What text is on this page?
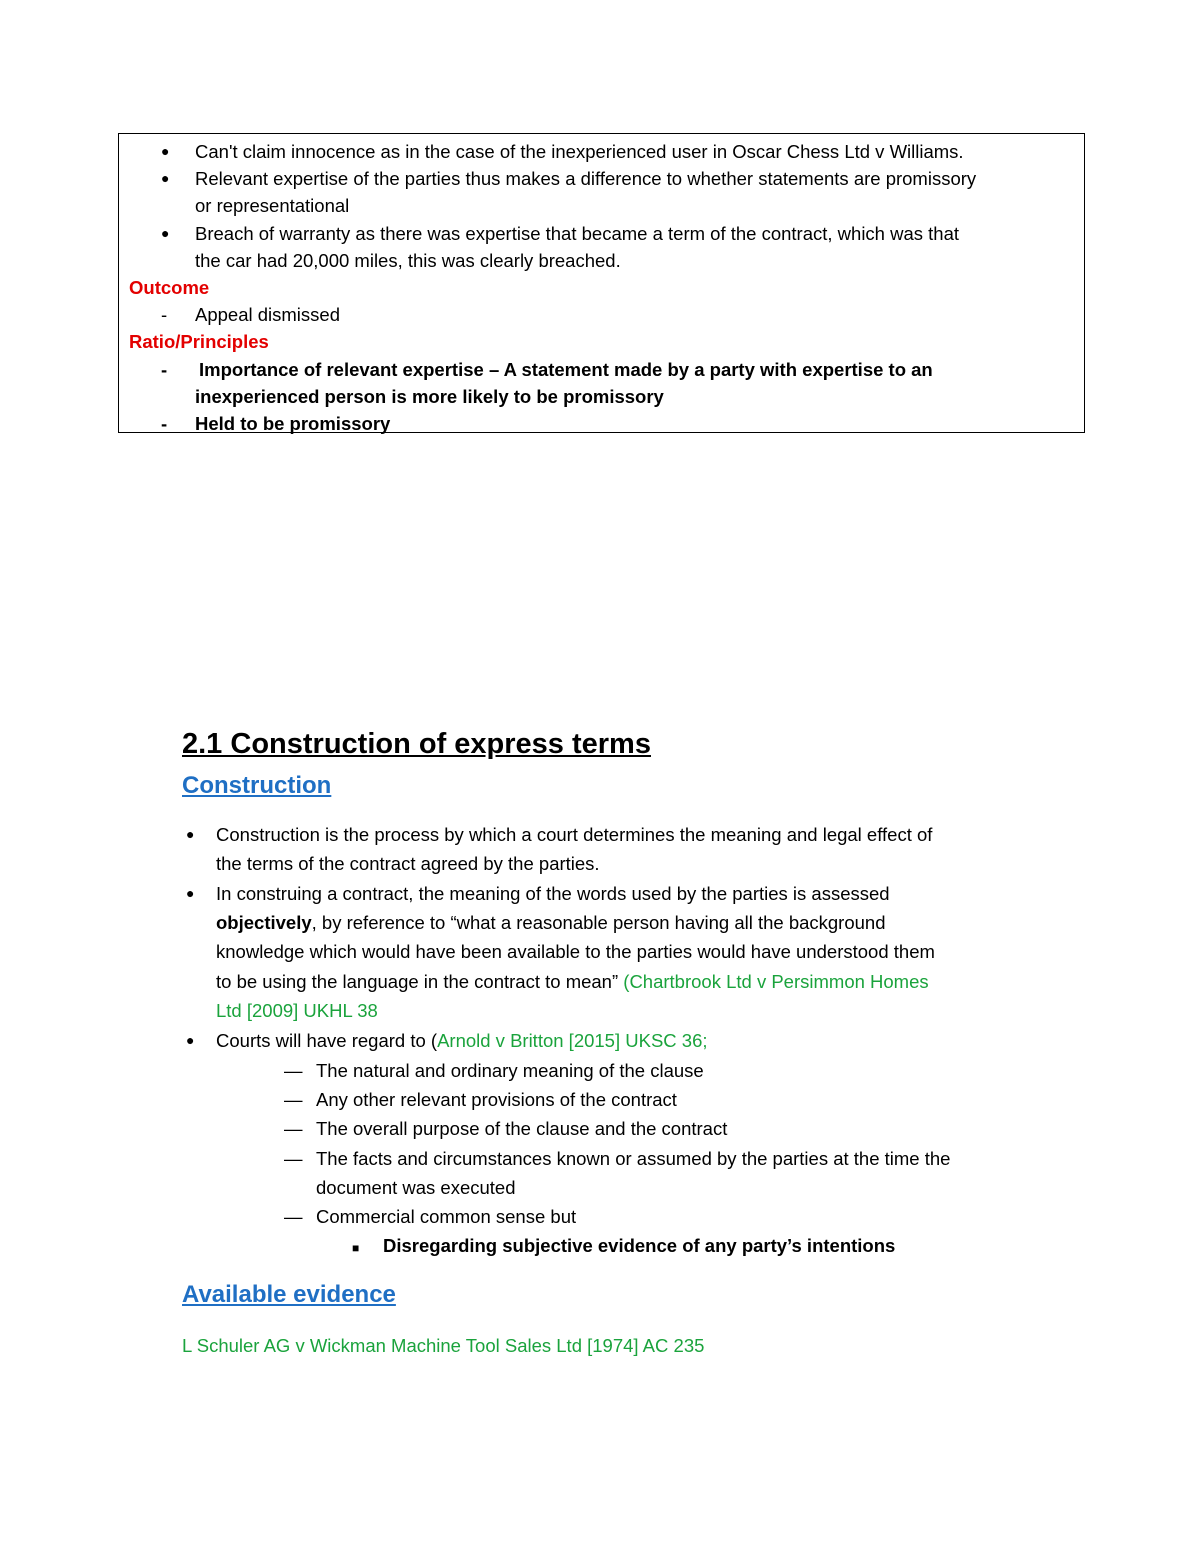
● Can't claim innocence as in the case of the inexperienced user in Oscar Chess Ltd v Williams.
● Relevant expertise of the parties thus makes a difference to whether statements are promissory
or representational
● Breach of warranty as there was expertise that became a term of the contract, which was that
the car had 20,000 miles, this was clearly breached.
Outcome
- Appeal dismissed
Ratio/Principles
- Importance of relevant expertise – A statement made by a party with expertise to an
inexperienced person is more likely to be promissory
- Held to be promissory
2.1 Construction of express terms
Construction
● Construction is the process by which a court determines the meaning and legal effect of
the terms of the contract agreed by the parties.
● In construing a contract, the meaning of the words used by the parties is assessed
objectively, by reference to “what a reasonable person having all the background
knowledge which would have been available to the parties would have understood them
to be using the language in the contract to mean” (Chartbrook Ltd v Persimmon Homes
Ltd [2009] UKHL 38
● Courts will have regard to (Arnold v Britton [2015] UKSC 36;
— The natural and ordinary meaning of the clause
— Any other relevant provisions of the contract
— The overall purpose of the clause and the contract
— The facts and circumstances known or assumed by the parties at the time the
document was executed
— Commercial common sense but
■ Disregarding subjective evidence of any party’s intentions
Available evidence
L Schuler AG v Wickman Machine Tool Sales Ltd [1974] AC 235
